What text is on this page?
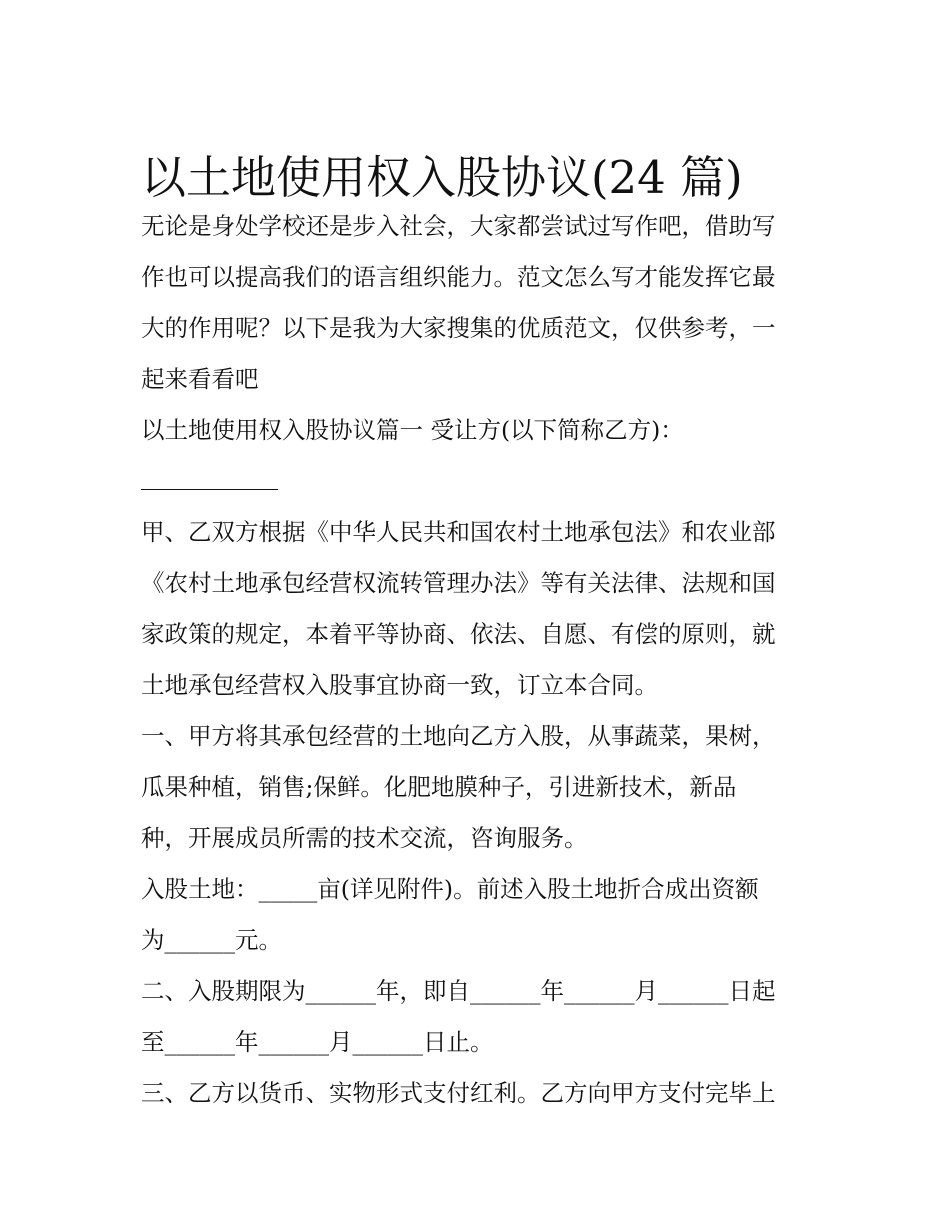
以土地使用权入股协议(24 篇)
无论是身处学校还是步入社会，大家都尝试过写作吧，借助写
作也可以提高我们的语言组织能力。范文怎么写才能发挥它最
大的作用呢？以下是我为大家搜集的优质范文，仅供参考，一
起来看看吧
以土地使用权入股协议篇一 受让方(以下简称乙方)：
甲、乙双方根据《中华人民共和国农村土地承包法》和农业部
《农村土地承包经营权流转管理办法》等有关法律、法规和国
家政策的规定，本着平等协商、依法、自愿、有偿的原则，就
土地承包经营权入股事宜协商一致，订立本合同。
一、甲方将其承包经营的土地向乙方入股，从事蔬菜，果树，
瓜果种植，销售;保鲜。化肥地膜种子，引进新技术，新品
种，开展成员所需的技术交流，咨询服务。
入股土地：_____亩(详见附件)。前述入股土地折合成出资额
为______元。
二、入股期限为______年，即自______年______月______日起
至______年______月______日止。
三、乙方以货币、实物形式支付红利。乙方向甲方支付完毕上
